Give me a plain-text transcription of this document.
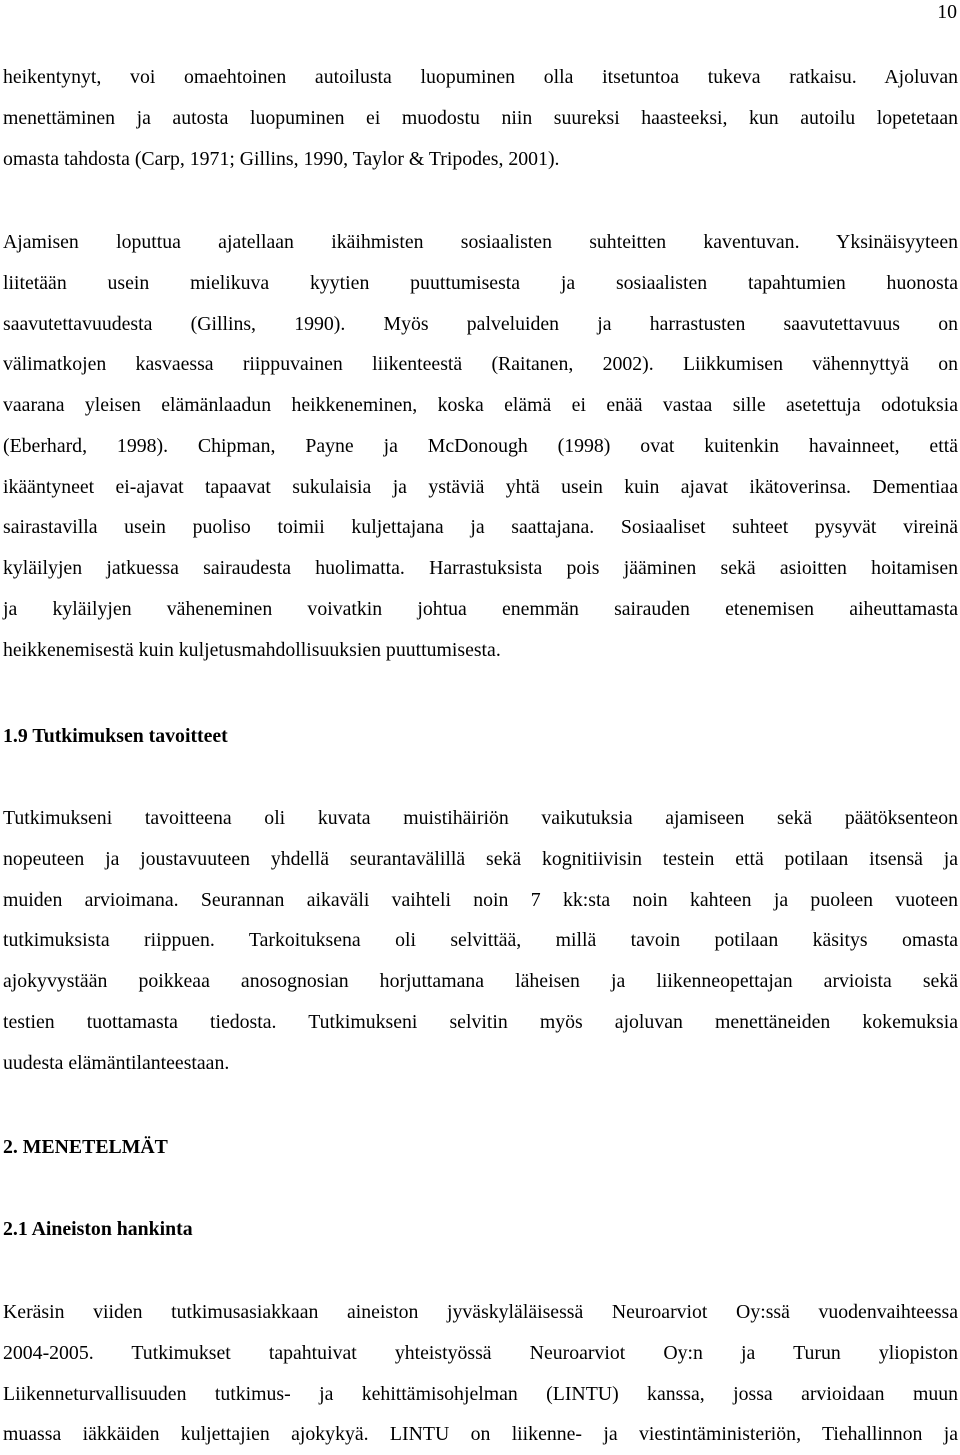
10
heikentynyt, voi omaehtoinen autoilusta luopuminen olla itsetuntoa tukeva ratkaisu. Ajoluvan
menettäminen ja autosta luopuminen ei muodostu niin suureksi haasteeksi, kun autoilu lopetetaan
omasta tahdosta (Carp, 1971; Gillins, 1990, Taylor & Tripodes, 2001).
Ajamisen loputtua ajatellaan ikäihmisten sosiaalisten suhteitten kaventuvan. Yksinäisyyteen
liitetään usein mielikuva kyytien puuttumisesta ja sosiaalisten tapahtumien huonosta
saavutettavuudesta (Gillins, 1990). Myös palveluiden ja harrastusten saavutettavuus on
välimatkojen kasvaessa riippuvainen liikenteestä (Raitanen, 2002). Liikkumisen vähennyttyä on
vaarana yleisen elämänlaadun heikkeneminen, koska elämä ei enää vastaa sille asetettuja odotuksia
(Eberhard, 1998). Chipman, Payne ja McDonough (1998) ovat kuitenkin havainneet, että
ikääntyneet ei-ajavat tapaavat sukulaisia ja ystäviä yhtä usein kuin ajavat ikätoverinsa. Dementiaa
sairastavilla usein puoliso toimii kuljettajana ja saattajana. Sosiaaliset suhteet pysyvät vireinä
kyläilyjen jatkuessa sairaudesta huolimatta. Harrastuksista pois jääminen sekä asioitten hoitamisen
ja kyläilyjen väheneminen voivatkin johtua enemmän sairauden etenemisen aiheuttamasta
heikkenemisestä kuin kuljetusmahdollisuuksien puuttumisesta.
1.9 Tutkimuksen tavoitteet
Tutkimukseni tavoitteena oli kuvata muistihäiriön vaikutuksia ajamiseen sekä päätöksenteon
nopeuteen ja joustavuuteen yhdellä seurantavälillä sekä kognitiivisin testein että potilaan itsensä ja
muiden arvioimana. Seurannan aikaväli vaihteli noin 7 kk:sta noin kahteen ja puoleen vuoteen
tutkimuksista riippuen. Tarkoituksena oli selvittää, millä tavoin potilaan käsitys omasta
ajokyvystään poikkeaa anosognosian horjuttamana läheisen ja liikenneopettajan arvioista sekä
testien tuottamasta tiedosta. Tutkimukseni selvitin myös ajoluvan menettäneiden kokemuksia
uudesta elämäntilanteestaan.
2. MENETELMÄT
2.1 Aineiston hankinta
Keräsin viiden tutkimusasiakkaan aineiston jyväskyläläisessä Neuroarviot Oy:ssä vuodenvaihteessa
2004-2005. Tutkimukset tapahtuivat yhteistyössä Neuroarviot Oy:n ja Turun yliopiston
Liikenneturvallisuuden tutkimus- ja kehittämisohjelman (LINTU) kanssa, jossa arvioidaan muun
muassa iäkkäiden kuljettajien ajokykyä. LINTU on liikenne- ja viestintäministeriön, Tiehallinnon ja
